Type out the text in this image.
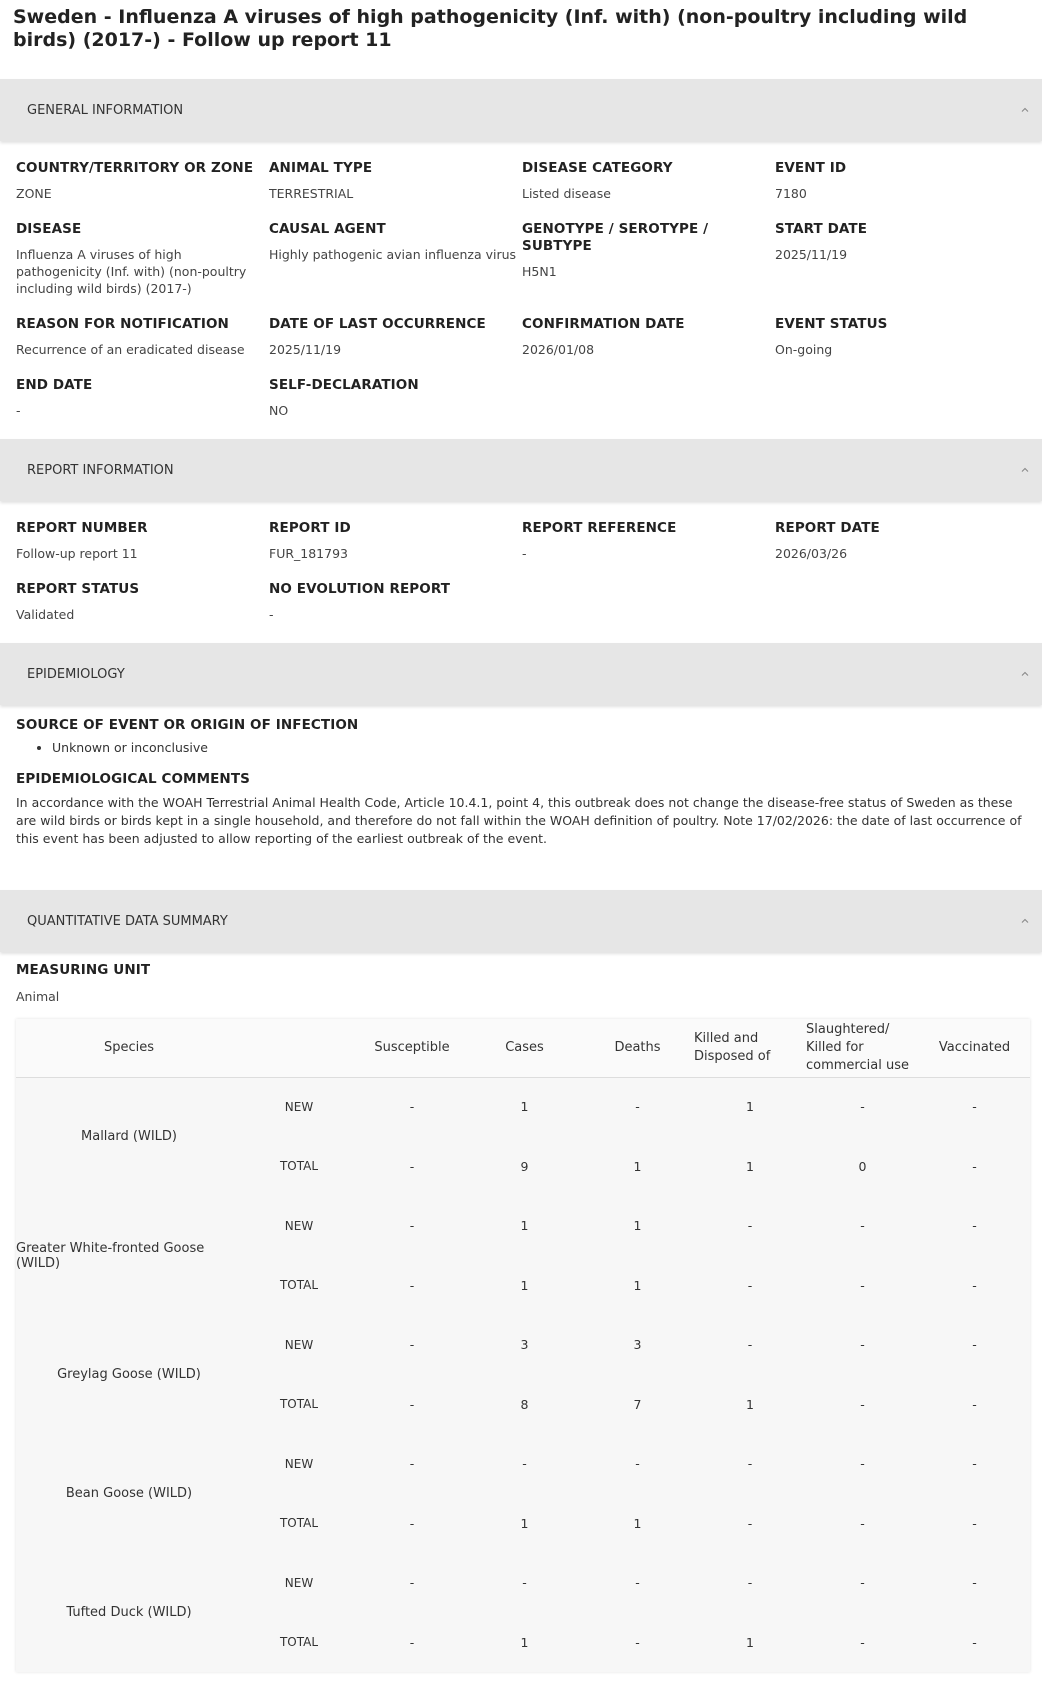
Sweden - Influenza A viruses of high pathogenicity (Inf. with) (non-poultry including wild birds) (2017-) - Follow up report 11
GENERAL INFORMATION
COUNTRY/TERRITORY OR ZONE
ZONE
ANIMAL TYPE
TERRESTRIAL
DISEASE CATEGORY
Listed disease
EVENT ID
7180
DISEASE
Influenza A viruses of high pathogenicity (Inf. with) (non-poultry including wild birds) (2017-)
CAUSAL AGENT
Highly pathogenic avian influenza virus
GENOTYPE / SEROTYPE / SUBTYPE
H5N1
START DATE
2025/11/19
REASON FOR NOTIFICATION
Recurrence of an eradicated disease
DATE OF LAST OCCURRENCE
2025/11/19
CONFIRMATION DATE
2026/01/08
EVENT STATUS
On-going
END DATE
-
SELF-DECLARATION
NO
REPORT INFORMATION
REPORT NUMBER
Follow-up report 11
REPORT ID
FUR_181793
REPORT REFERENCE
-
REPORT DATE
2026/03/26
REPORT STATUS
Validated
NO EVOLUTION REPORT
-
EPIDEMIOLOGY
SOURCE OF EVENT OR ORIGIN OF INFECTION
• Unknown or inconclusive
EPIDEMIOLOGICAL COMMENTS
In accordance with the WOAH Terrestrial Animal Health Code, Article 10.4.1, point 4, this outbreak does not change the disease-free status of Sweden as these are wild birds or birds kept in a single household, and therefore do not fall within the WOAH definition of poultry. Note 17/02/2026: the date of last occurrence of this event has been adjusted to allow reporting of the earliest outbreak of the event.
QUANTITATIVE DATA SUMMARY
MEASURING UNIT
Animal
Species		Susceptible	Cases	Deaths	Killed and Disposed of	Slaughtered/ Killed for commercial use	Vaccinated
Mallard (WILD)	NEW	-	1	-	1	-	-
	TOTAL	-	9	1	1	0	-
Greater White-fronted Goose (WILD)	NEW	-	1	1	-	-	-
	TOTAL	-	1	1	-	-	-
Greylag Goose (WILD)	NEW	-	3	3	-	-	-
	TOTAL	-	8	7	1	-	-
Bean Goose (WILD)	NEW	-	-	-	-	-	-
	TOTAL	-	1	1	-	-	-
Tufted Duck (WILD)	NEW	-	-	-	-	-	-
	TOTAL	-	1	-	1	-	-
